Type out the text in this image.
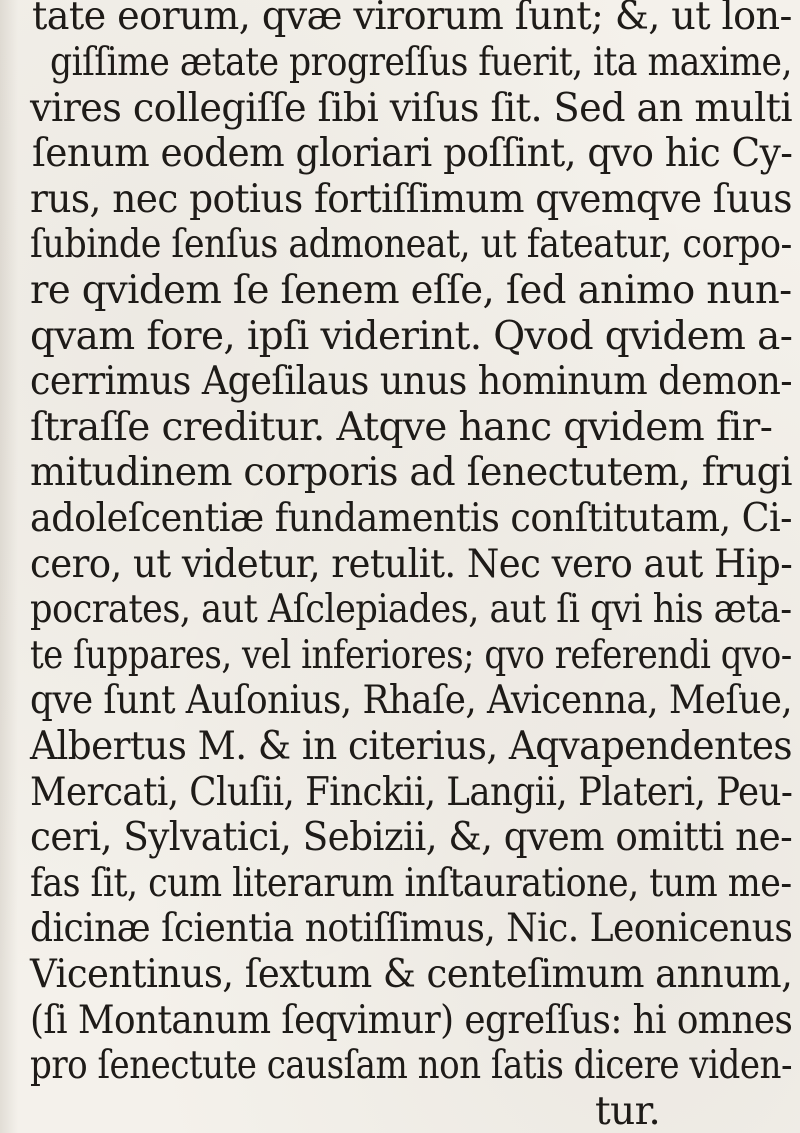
tate eorum, qvæ virorum ſunt; &, ut lon-
giſſime ætate progreſſus fuerit, ita maxime,
vires collegiſſe ſibi viſus ſit. Sed an multi
ſenum eodem gloriari poſſint, qvo hic Cy-
rus, nec potius fortiſſimum qvemqve ſuus
ſubinde ſenſus admoneat, ut fateatur, corpo-
re qvidem ſe ſenem eſſe, ſed animo nun-
qvam fore, ipſi viderint. Qvod qvidem a-
cerrimus Ageſilaus unus hominum demon-
ſtraſſe creditur. Atqve hanc qvidem fir-
mitudinem corporis ad ſenectutem, frugi
adoleſcentiæ fundamentis conſtitutam, Ci-
cero, ut videtur, retulit. Nec vero aut Hip-
pocrates, aut Aſclepiades, aut ſi qvi his æta-
te ſuppares, vel inferiores; qvo referendi qvo-
qve ſunt Auſonius, Rhaſe, Avicenna, Meſue,
Albertus M. & in citerius, Aqvapendentes
Mercati, Cluſii, Finckii, Langii, Plateri, Peu-
ceri, Sylvatici, Sebizii, &, qvem omitti ne-
fas ſit, cum literarum inſtauratione, tum me-
dicinæ ſcientia notiſſimus, Nic. Leonicenus
Vicentinus, ſextum & centeſimum annum,
(ſi Montanum ſeqvimur) egreſſus: hi omnes
pro ſenectute causſam non ſatis dicere viden-
tur.
